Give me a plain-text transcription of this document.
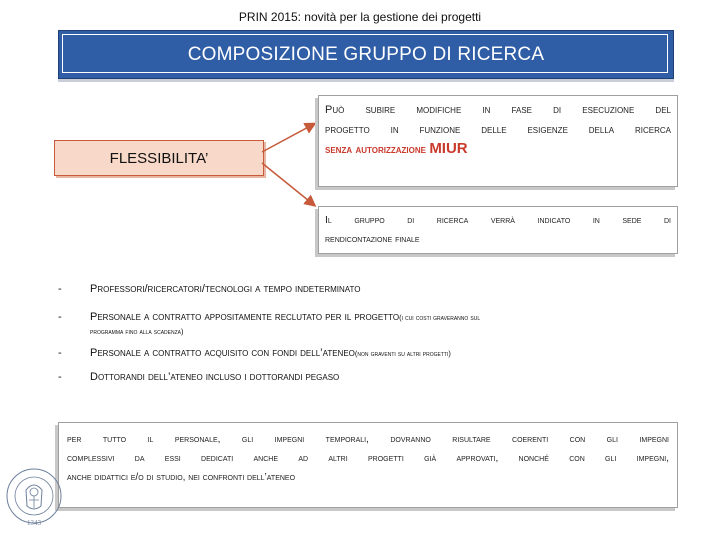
PRIN 2015: novità per la gestione dei progetti
COMPOSIZIONE GRUPPO DI RICERCA
FLESSIBILITA’
Può subire modifiche in fase di esecuzione del
progetto in funzione delle esigenze della ricerca
senza autorizzazione MIUR
Il gruppo di ricerca verrà indicato in sede di
rendicontazione finale
-	Professori/ricercatori/tecnologi a tempo indeterminato
-	Personale a contratto appositamente reclutato per il progetto(i cui costi graveranno sul
programma fino alla scadenza)
-	Personale a contratto acquisito con fondi dell’ateneo(non graventi su altri progetti)
-	Dottorandi dell’ateneo incluso i dottorandi pegaso
per tutto il personale, gli impegni temporali, dovranno risultare coerenti con gli impegni
complessivi da essi dedicati anche ad altri progetti già approvati, nonché con gli impegni,
anche didattici e/o di studio, nei confronti dell’ateneo
1343
